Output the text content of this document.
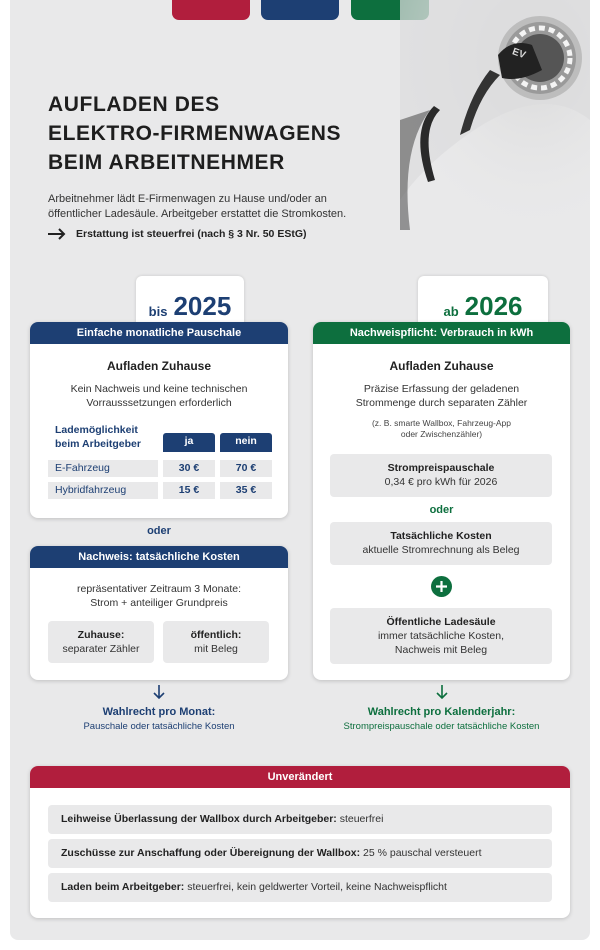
EV
AUFLADEN DES
ELEKTRO-FIRMENWAGENS
BEIM ARBEITNEHMER
Arbeitnehmer lädt E-Firmenwagen zu Hause und/oder an
öffentlicher Ladesäule. Arbeitgeber erstattet die Stromkosten.
Erstattung ist steuerfrei (nach § 3 Nr. 50 EStG)
bis 2025
Einfache monatliche Pauschale
Aufladen Zuhause
Kein Nachweis und keine technischen
Vorrausssetzungen erforderlich
Lademöglichkeit
beim Arbeitgeber	ja	nein
E-Fahrzeug	30 €	70 €
Hybridfahrzeug	15 €	35 €
oder
Nachweis: tatsächliche Kosten
repräsentativer Zeitraum 3 Monate:
Strom + anteiliger Grundpreis
Zuhause:
separater Zähler
öffentlich:
mit Beleg
Wahlrecht pro Monat:
Pauschale oder tatsächliche Kosten
ab 2026
Nachweispflicht: Verbrauch in kWh
Aufladen Zuhause
Präzise Erfassung der geladenen
Strommenge durch separaten Zähler
(z. B. smarte Wallbox, Fahrzeug-App
oder Zwischenzähler)
Strompreispauschale
0,34 € pro kWh für 2026
oder
Tatsächliche Kosten
aktuelle Stromrechnung als Beleg
Öffentliche Ladesäule
immer tatsächliche Kosten,
Nachweis mit Beleg
Wahlrecht pro Kalenderjahr:
Strompreispauschale oder tatsächliche Kosten
Unverändert
Leihweise Überlassung der Wallbox durch Arbeitgeber: steuerfrei
Zuschüsse zur Anschaffung oder Übereignung der Wallbox: 25 % pauschal versteuert
Laden beim Arbeitgeber: steuerfrei, kein geldwerter Vorteil, keine Nachweispflicht
